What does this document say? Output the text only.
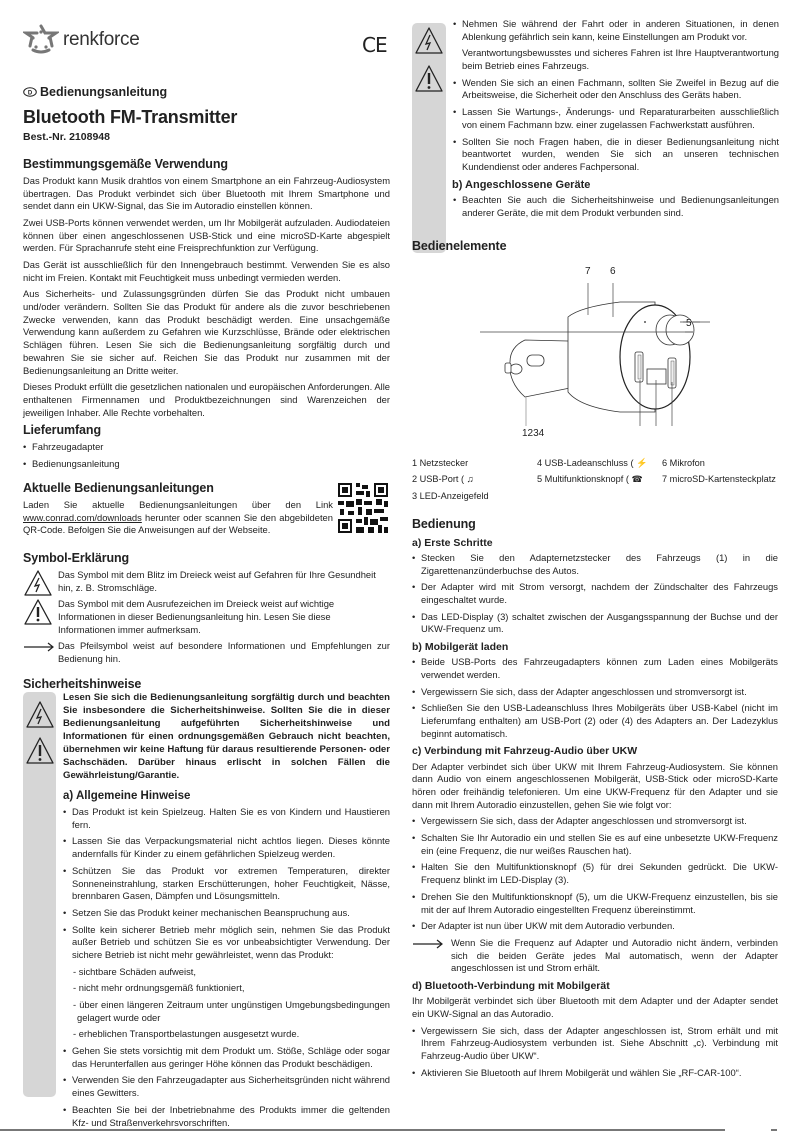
renkforce	CE
D Bedienungsanleitung
Bluetooth FM-Transmitter
Best.-Nr. 2108948
Bestimmungsgemäße Verwendung

Das Produkt kann Musik drahtlos von einem Smartphone an ein Fahrzeug-Audiosystem übertragen. Das Produkt verbindet sich über Bluetooth mit Ihrem Smartphone und sendet dann ein UKW-Signal, das Sie im Autoradio einstellen können.

Zwei USB-Ports können verwendet werden, um Ihr Mobilgerät aufzuladen. Audiodateien können über einen angeschlossenen USB-Stick und eine microSD-Karte abgespielt werden. Für Sprachanrufe steht eine Freisprechfunktion zur Verfügung.

Das Gerät ist ausschließlich für den Innengebrauch bestimmt. Verwenden Sie es also nicht im Freien. Kontakt mit Feuchtigkeit muss unbedingt vermieden werden.

Aus Sicherheits- und Zulassungsgründen dürfen Sie das Produkt nicht umbauen und/oder verändern. Sollten Sie das Produkt für andere als die zuvor beschriebenen Zwecke verwenden, kann das Produkt beschädigt werden. Eine unsachgemäße Verwendung kann außerdem zu Gefahren wie Kurzschlüsse, Brände oder elektrischen Schlägen führen. Lesen Sie sich die Bedienungsanleitung sorgfältig durch und bewahren Sie sie sicher auf. Reichen Sie das Produkt nur zusammen mit der Bedienungsanleitung an Dritte weiter.

Dieses Produkt erfüllt die gesetzlichen nationalen und europäischen Anforderungen. Alle enthaltenen Firmennamen und Produktbezeichnungen sind Warenzeichen der jeweiligen Inhaber. Alle Rechte vorbehalten.

Lieferumfang
• Fahrzeugadapter
• Bedienungsanleitung
Aktuelle Bedienungsanleitungen

Laden Sie aktuelle Bedienungsanleitungen über den Link www.conrad.com/downloads herunter oder scannen Sie den abgebildeten QR-Code. Befolgen Sie die Anweisungen auf der Webseite.

Symbol-Erklärung
Das Symbol mit dem Blitz im Dreieck weist auf Gefahren für Ihre Gesundheit hin, z. B. Stromschläge.
Das Symbol mit dem Ausrufezeichen im Dreieck weist auf wichtige Informationen in dieser Bedienungsanleitung hin. Lesen Sie diese Informationen immer aufmerksam.
Das Pfeilsymbol weist auf besondere Informationen und Empfehlungen zur Bedienung hin.
Sicherheitshinweise

Lesen Sie sich die Bedienungsanleitung sorgfältig durch und beachten Sie insbesondere die Sicherheitshinweise. Sollten Sie die in dieser Bedienungsanleitung aufgeführten Sicherheitshinweise und Informationen für einen ordnungsgemäßen Gebrauch nicht beachten, übernehmen wir keine Haftung für daraus resultierende Personen- oder Sachschäden. Darüber hinaus erlischt in solchen Fällen die Gewährleistung/Garantie.

a) Allgemeine Hinweise
• Das Produkt ist kein Spielzeug. Halten Sie es von Kindern und Haustieren fern.
• Lassen Sie das Verpackungsmaterial nicht achtlos liegen. Dieses könnte andernfalls für Kinder zu einem gefährlichen Spielzeug werden.
• Schützen Sie das Produkt vor extremen Temperaturen, direkter Sonneneinstrahlung, starken Erschütterungen, hoher Feuchtigkeit, Nässe, brennbaren Gasen, Dämpfen und Lösungsmitteln.
• Setzen Sie das Produkt keiner mechanischen Beanspruchung aus.
• Sollte kein sicherer Betrieb mehr möglich sein, nehmen Sie das Produkt außer Betrieb und schützen Sie es vor unbeabsichtigter Verwendung. Der sichere Betrieb ist nicht mehr gewährleistet, wenn das Produkt:
- sichtbare Schäden aufweist,
- nicht mehr ordnungsgemäß funktioniert,
- über einen längeren Zeitraum unter ungünstigen Umgebungsbedingungen gelagert wurde oder
- erheblichen Transportbelastungen ausgesetzt wurde.
• Gehen Sie stets vorsichtig mit dem Produkt um. Stöße, Schläge oder sogar das Herunterfallen aus geringer Höhe können das Produkt beschädigen.
• Verwenden Sie den Fahrzeugadapter aus Sicherheitsgründen nicht während eines Gewitters.
• Beachten Sie bei der Inbetriebnahme des Produkts immer die geltenden Kfz- und Straßenverkehrsvorschriften.
• Nehmen Sie während der Fahrt oder in anderen Situationen, in denen Ablenkung gefährlich sein kann, keine Einstellungen am Produkt vor.
Verantwortungsbewusstes und sicheres Fahren ist Ihre Hauptverantwortung beim Betrieb eines Fahrzeugs.
• Wenden Sie sich an einen Fachmann, sollten Sie Zweifel in Bezug auf die Arbeitsweise, die Sicherheit oder den Anschluss des Geräts haben.
• Lassen Sie Wartungs-, Änderungs- und Reparaturarbeiten ausschließlich von einem Fachmann bzw. einer zugelassen Fachwerkstatt ausführen.
• Sollten Sie noch Fragen haben, die in dieser Bedienungsanleitung nicht beantwortet wurden, wenden Sie sich an unseren technischen Kundendienst oder anderes Fachpersonal.
b) Angeschlossene Geräte
• Beachten Sie auch die Sicherheitshinweise und Bedienungsanleitungen anderer Geräte, die mit dem Produkt verbunden sind.
Bedienelemente
7 6
5
1234
1 Netzstecker	4 USB-Ladeanschluss ( ⚡	6 Mikrofon
2 USB-Port ( ♫	5 Multifunktionsknopf ( ☎	7 microSD-Kartensteckplatz
3 LED-Anzeigefeld
Bedienung
a) Erste Schritte
• Stecken Sie den Adapternetzstecker des Fahrzeugs (1) in die Zigarettenanzünderbuchse des Autos.
• Der Adapter wird mit Strom versorgt, nachdem der Zündschalter des Fahrzeugs eingeschaltet wurde.
• Das LED-Display (3) schaltet zwischen der Ausgangsspannung der Buchse und der UKW-Frequenz um.
b) Mobilgerät laden
• Beide USB-Ports des Fahrzeugadapters können zum Laden eines Mobilgeräts verwendet werden.
• Vergewissern Sie sich, dass der Adapter angeschlossen und stromversorgt ist.
• Schließen Sie den USB-Ladeanschluss Ihres Mobilgeräts über USB-Kabel (nicht im Lieferumfang enthalten) am USB-Port (2) oder (4) des Adapters an. Der Ladezyklus beginnt automatisch.
c) Verbindung mit Fahrzeug-Audio über UKW

Der Adapter verbindet sich über UKW mit Ihrem Fahrzeug-Audiosystem. Sie können dann Audio von einem angeschlossenen Mobilgerät, USB-Stick oder microSD-Karte hören oder freihändig telefonieren. Um eine UKW-Frequenz für den Adapter und sie dann mit Ihrem Autoradio einzustellen, gehen Sie wie folgt vor:

• Vergewissern Sie sich, dass der Adapter angeschlossen und stromversorgt ist.
• Schalten Sie Ihr Autoradio ein und stellen Sie es auf eine unbesetzte UKW-Frequenz ein (eine Frequenz, die nur weißes Rauschen hat).
• Halten Sie den Multifunktionsknopf (5) für drei Sekunden gedrückt. Die UKW-Frequenz blinkt im LED-Display (3).
• Drehen Sie den Multifunktionsknopf (5), um die UKW-Frequenz einzustellen, bis sie mit der auf Ihrem Autoradio eingestellten Frequenz übereinstimmt.
• Der Adapter ist nun über UKW mit dem Autoradio verbunden.
Wenn Sie die Frequenz auf Adapter und Autoradio nicht ändern, verbinden sich die beiden Geräte jedes Mal automatisch, wenn der Adapter angeschlossen ist und Strom erhält.
d) Bluetooth-Verbindung mit Mobilgerät

Ihr Mobilgerät verbindet sich über Bluetooth mit dem Adapter und der Adapter sendet ein UKW-Signal an das Autoradio.

• Vergewissern Sie sich, dass der Adapter angeschlossen ist, Strom erhält und mit Ihrem Fahrzeug-Audiosystem verbunden ist. Siehe Abschnitt „c). Verbindung mit Fahrzeug-Audio über UKW“.
• Aktivieren Sie Bluetooth auf Ihrem Mobilgerät und wählen Sie „RF-CAR-100“.
